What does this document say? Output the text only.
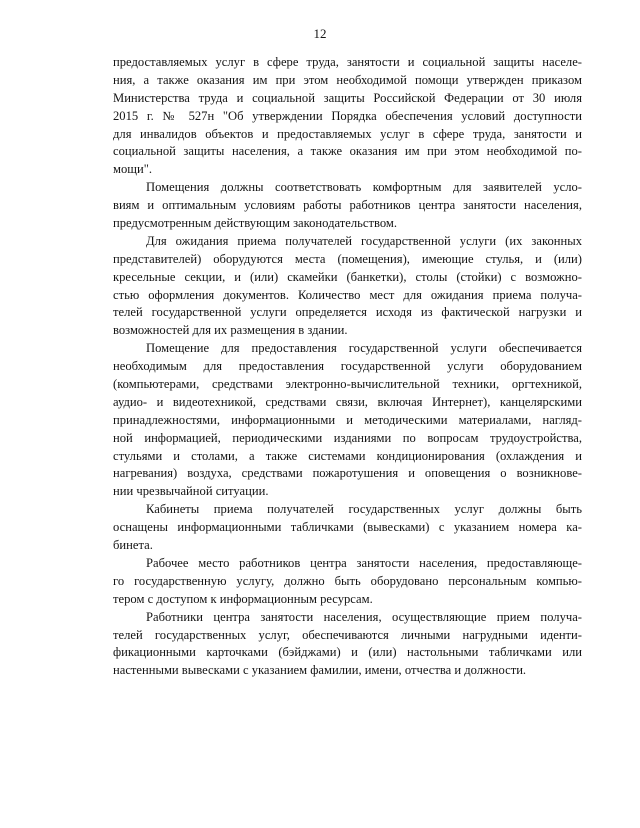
12
предоставляемых услуг в сфере труда, занятости и социальной защиты населе-
ния, а также оказания им при этом необходимой помощи утвержден приказом
Министерства труда и социальной защиты Российской Федерации от 30 июля
2015 г. № 527н "Об утверждении Порядка обеспечения условий доступности
для инвалидов объектов и предоставляемых услуг в сфере труда, занятости и
социальной защиты населения, а также оказания им при этом необходимой по-
мощи".
Помещения должны соответствовать комфортным для заявителей усло-
виям и оптимальным условиям работы работников центра занятости населения,
предусмотренным действующим законодательством.
Для ожидания приема получателей государственной услуги (их законных
представителей) оборудуются места (помещения), имеющие стулья, и (или)
кресельные секции, и (или) скамейки (банкетки), столы (стойки) с возможно-
стью оформления документов. Количество мест для ожидания приема получа-
телей государственной услуги определяется исходя из фактической нагрузки и
возможностей для их размещения в здании.
Помещение для предоставления государственной услуги обеспечивается
необходимым для предоставления государственной услуги оборудованием
(компьютерами, средствами электронно-вычислительной техники, оргтехникой,
аудио- и видеотехникой, средствами связи, включая Интернет), канцелярскими
принадлежностями, информационными и методическими материалами, нагляд-
ной информацией, периодическими изданиями по вопросам трудоустройства,
стульями и столами, а также системами кондиционирования (охлаждения и
нагревания) воздуха, средствами пожаротушения и оповещения о возникнове-
нии чрезвычайной ситуации.
Кабинеты приема получателей государственных услуг должны быть
оснащены информационными табличками (вывесками) с указанием номера ка-
бинета.
Рабочее место работников центра занятости населения, предоставляюще-
го государственную услугу, должно быть оборудовано персональным компью-
тером с доступом к информационным ресурсам.
Работники центра занятости населения, осуществляющие прием получа-
телей государственных услуг, обеспечиваются личными нагрудными иденти-
фикационными карточками (бэйджами) и (или) настольными табличками или
настенными вывесками с указанием фамилии, имени, отчества и должности.
